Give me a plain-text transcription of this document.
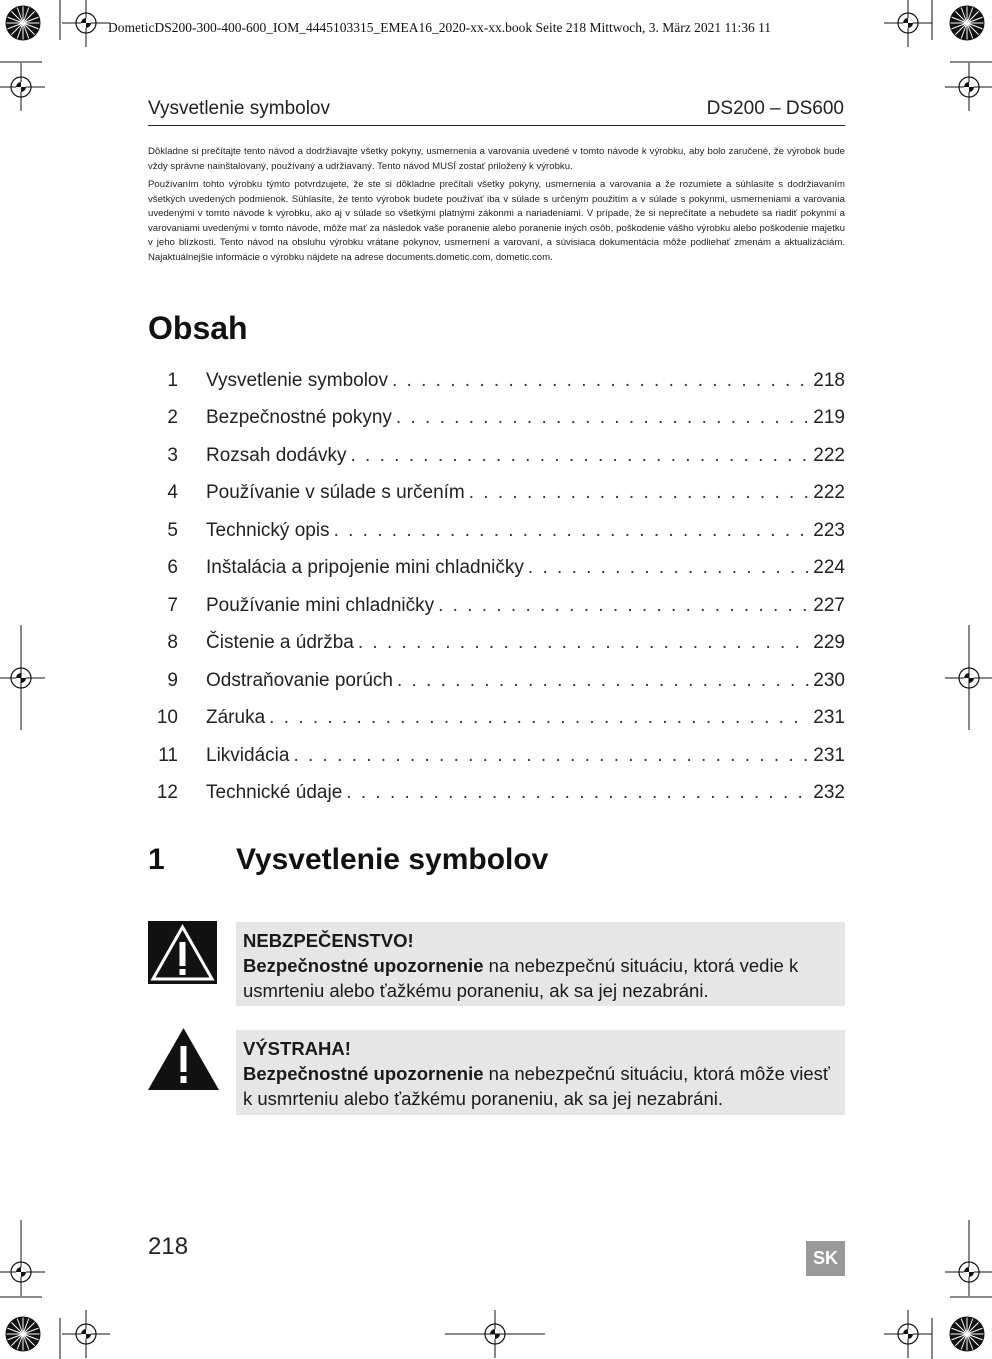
DometicDS200-300-400-600_IOM_4445103315_EMEA16_2020-xx-xx.book Seite 218 Mittwoch, 3. März 2021 11:36 11
Vysvetlenie symbolov	DS200 – DS600
Dôkladne si prečítajte tento návod a dodržiavajte všetky pokyny, usmernenia a varovania uvedené v tomto návode k výrobku, aby bolo zaručené, že výrobok bude vždy správne nainštalovaný, používaný a udržiavaný. Tento návod MUSÍ zostať priložený k výrobku.
Používaním tohto výrobku týmto potvrdzujete, že ste si dôkladne prečítali všetky pokyny, usmernenia a varovania a že rozumiete a súhlasíte s dodržiavaním všetkých uvedených podmienok. Súhlasíte, že tento výrobok budete používať iba v súlade s určeným použitím a v súlade s pokynmi, usmerneniami a varovania uvedenými v tomto návode k výrobku, ako aj v súlade so všetkými platnými zákonmi a nariadeniami. V prípade, že si neprečítate a nebudete sa riadiť pokynmi a varovaniami uvedenými v tomto návode, môže mať za následok vaše poranenie alebo poranenie iných osôb, poškodenie vášho výrobku alebo poškodenie majetku v jeho blízkosti. Tento návod na obsluhu výrobku vrátane pokynov, usmernení a varovaní, a súvisiaca dokumentácia môže podliehať zmenám a aktualizáciám. Najaktuálnejšie informácie o výrobku nájdete na adrese documents.dometic.com, dometic.com.
Obsah
1 Vysvetlenie symbolov . . .	218
2 Bezpečnostné pokyny . . .	219
3 Rozsah dodávky . . .	222
4 Používanie v súlade s určením . . .	222
5 Technický opis . . .	223
6 Inštalácia a pripojenie mini chladničky . . .	224
7 Používanie mini chladničky . . .	227
8 Čistenie a údržba . . .	229
9 Odstraňovanie porúch . . .	230
10 Záruka . . .	231
11 Likvidácia . . .	231
12 Technické údaje . . .	232
1 Vysvetlenie symbolov
NEBZPEČENSTVO!
Bezpečnostné upozornenie na nebezpečnú situáciu, ktorá vedie k usmrteniu alebo ťažkému poraneniu, ak sa jej nezabráni.
VÝSTRAHA!
Bezpečnostné upozornenie na nebezpečnú situáciu, ktorá môže viesť k usmrteniu alebo ťažkému poraneniu, ak sa jej nezabráni.
218	SK
